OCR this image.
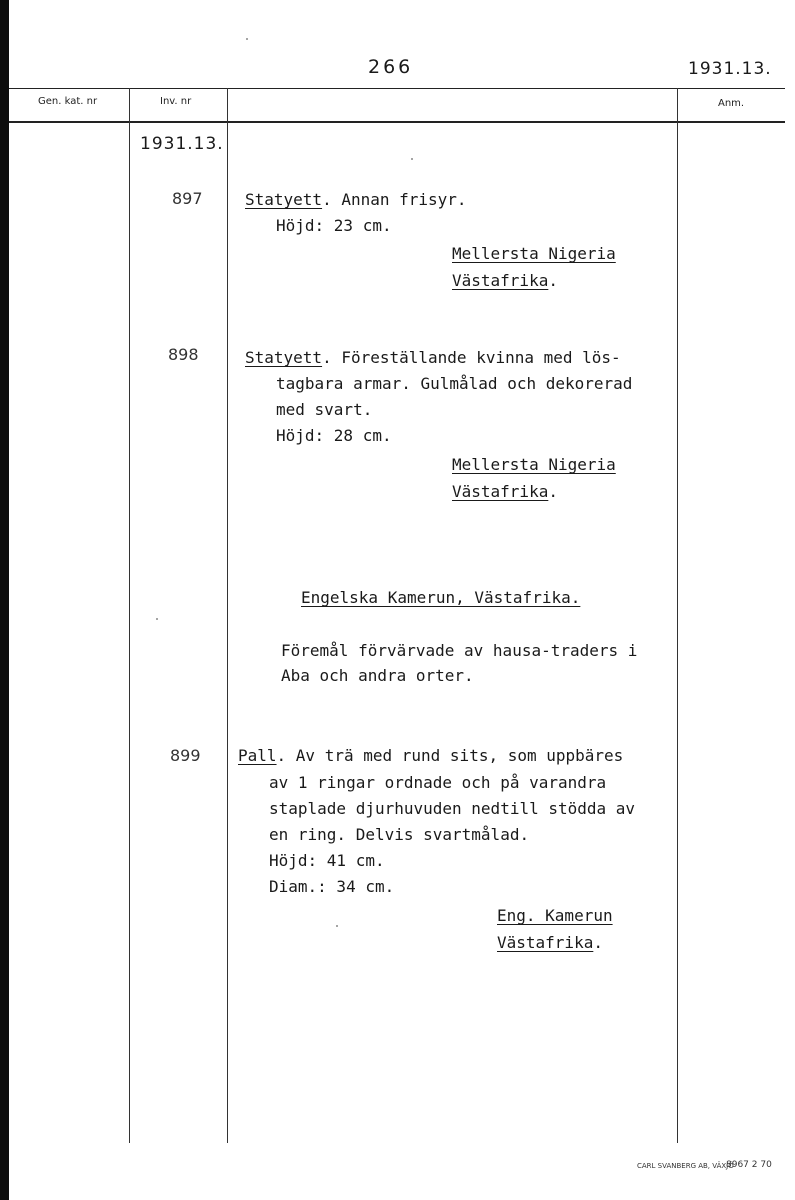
266	1931.13.
Gen. kat. nr	Inv. nr	Anm.
1931.13.
897	Statyett. Annan frisyr.
Höjd: 23 cm.
Mellersta Nigeria
Västafrika.
898	Statyett. Föreställande kvinna med lös-
tagbara armar. Gulmålad och dekorerad
med svart.
Höjd: 28 cm.
Mellersta Nigeria
Västafrika.
Engelska Kamerun, Västafrika.
Föremål förvärvade av hausa-traders i
Aba och andra orter.
899 Pall. Av trä med rund sits, som uppbäres
av 1 ringar ordnade och på varandra
staplade djurhuvuden nedtill stödda av
en ring. Delvis svartmålad.
Höjd: 41 cm.
Diam.: 34 cm.
Eng. Kamerun
Västafrika.
CARL SVANBERG AB, VÄXJÖ
8967 2 70
